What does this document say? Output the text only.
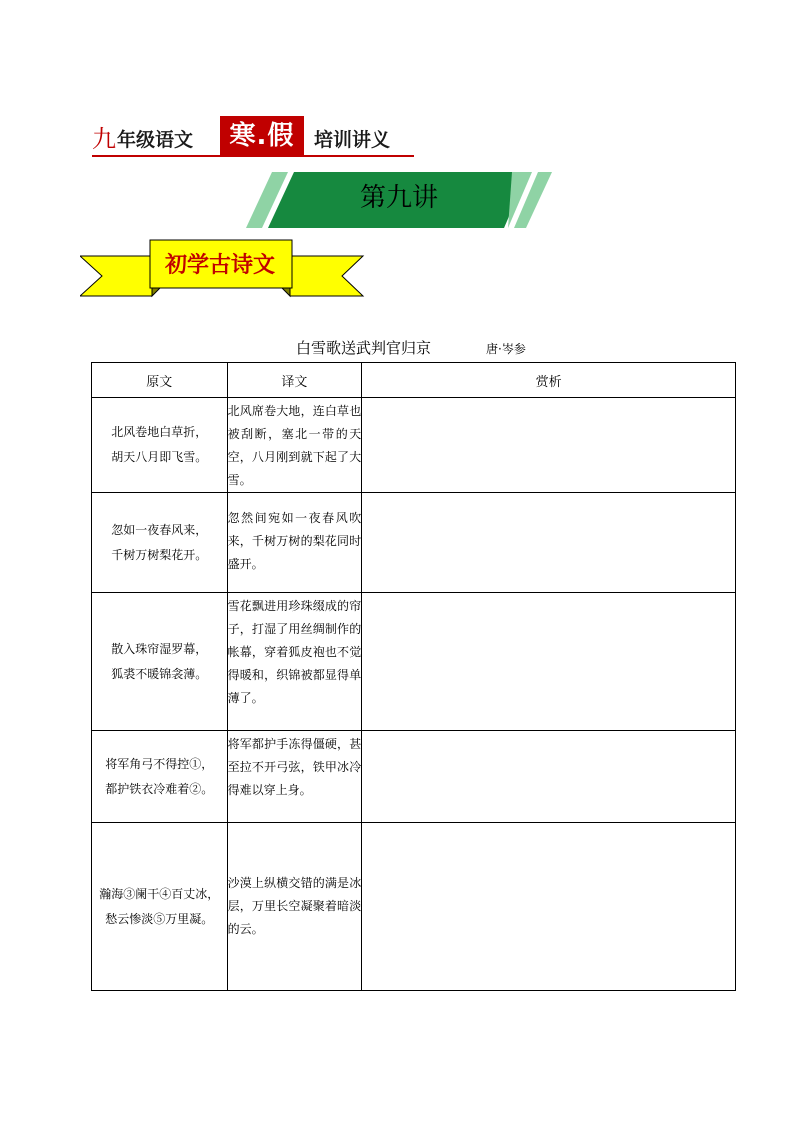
九 年级语文	寒.假	培训讲义
第九讲
初学古诗文
白雪歌送武判官归京	唐·岑参
原文	译文	赏析

北风卷地白草折，
胡天八月即飞雪。	北风席卷大地，连白草也被刮断，塞北一带的天空，八月刚到就下起了大雪。	

忽如一夜春风来，
千树万树梨花开。	忽然间宛如一夜春风吹来，千树万树的梨花同时盛开。	

散入珠帘湿罗幕，
狐裘不暖锦衾薄。	雪花飘进用珍珠缀成的帘子，打湿了用丝绸制作的帐幕，穿着狐皮袍也不觉得暖和，织锦被都显得单薄了。	

将军角弓不得控①，
都护铁衣冷难着②。	将军都护手冻得僵硬，甚至拉不开弓弦，铁甲冰冷得难以穿上身。	

瀚海③阑干④百丈冰，
愁云惨淡⑤万里凝。	沙漠上纵横交错的满是冰层，万里长空凝聚着暗淡的云。	
